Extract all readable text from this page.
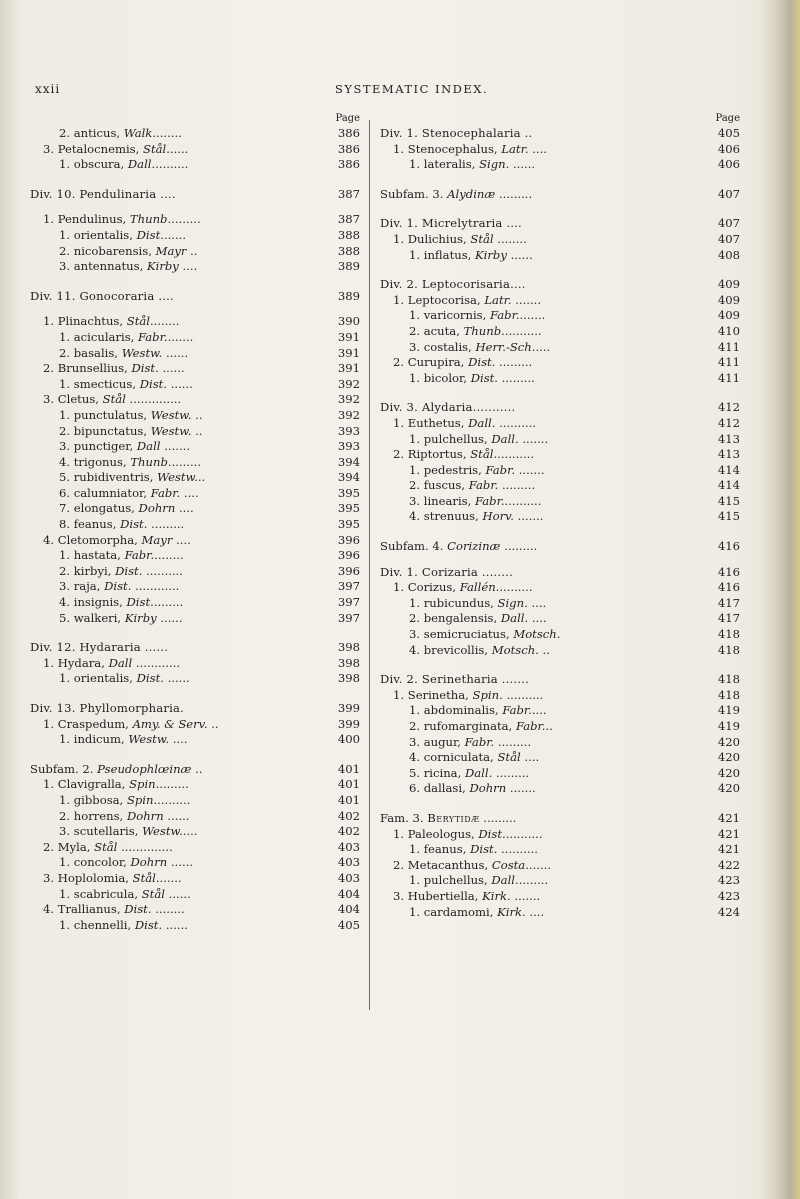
xxii	SYSTEMATIC INDEX.
Page
2. anticus, Walk........	386
3. Petalocnemis, Stål......	386
1. obscura, Dall..........	386
Div. 10. Pendulinaria ....	387
1. Pendulinus, Thunb.........	387
1. orientalis, Dist.......	388
2. nicobarensis, Mayr ..	388
3. antennatus, Kirby ....	389
Div. 11. Gonocoraria ....	389
1. Plinachtus, Stål........	390
1. acicularis, Fabr........	391
2. basalis, Westw. ......	391
2. Brunsellius, Dist. ......	391
1. smecticus, Dist. ......	392
3. Cletus, Stål ..............	392
1. punctulatus, Westw. ..	392
2. bipunctatus, Westw. ..	393
3. punctiger, Dall .......	393
4. trigonus, Thunb.........	394
5. rubidiventris, Westw...	394
6. calumniator, Fabr. ....	395
7. elongatus, Dohrn ....	395
8. feanus, Dist. .........	395
4. Cletomorpha, Mayr ....	396
1. hastata, Fabr.........	396
2. kirbyi, Dist. ..........	396
3. raja, Dist. ............	397
4. insignis, Dist.........	397
5. walkeri, Kirby ......	397
Div. 12. Hydararia ......	398
1. Hydara, Dall ............	398
1. orientalis, Dist. ......	398
Div. 13. Phyllomorpharia.	399
1. Craspedum, Amy. & Serv. ..	399
1. indicum, Westw. ....	400
Subfam. 2. Pseudophlœinæ ..	401
1. Clavigralla, Spin.........	401
1. gibbosa, Spin..........	401
2. horrens, Dohrn ......	402
3. scutellaris, Westw.....	402
2. Myla, Stål ..............	403
1. concolor, Dohrn ......	403
3. Hoplolomia, Stål.......	403
1. scabricula, Stål ......	404
4. Trallianus, Dist. ........	404
1. chennelli, Dist. ......	405
Page
Div. 1. Stenocephalaria ..	405
1. Stenocephalus, Latr. ....	406
1. lateralis, Sign. ......	406
Subfam. 3. Alydinæ .........	407
Div. 1. Micrelytraria ....	407
1. Dulichius, Stål ........	407
1. inflatus, Kirby ......	408
Div. 2. Leptocorisaria....	409
1. Leptocorisa, Latr. .......	409
1. varicornis, Fabr........	409
2. acuta, Thunb...........	410
3. costalis, Herr.-Sch.....	411
2. Curupira, Dist. .........	411
1. bicolor, Dist. .........	411
Div. 3. Alydaria...........	412
1. Euthetus, Dall. ..........	412
1. pulchellus, Dall. .......	413
2. Riptortus, Stål...........	413
1. pedestris, Fabr. .......	414
2. fuscus, Fabr. .........	414
3. linearis, Fabr...........	415
4. strenuus, Horv. .......	415
Subfam. 4. Corizinæ .........	416
Div. 1. Corizaria ........	416
1. Corizus, Fallén..........	416
1. rubicundus, Sign. ....	417
2. bengalensis, Dall. ....	417
3. semicruciatus, Motsch.	418
4. brevicollis, Motsch. ..	418
Div. 2. Serinetharia .......	418
1. Serinetha, Spin. ..........	418
1. abdominalis, Fabr.....	419
2. rufomarginata, Fabr...	419
3. augur, Fabr. .........	420
4. corniculata, Stål ....	420
5. ricina, Dall. .........	420
6. dallasi, Dohrn .......	420
Fam. 3. Berytidæ .........	421
1. Paleologus, Dist...........	421
1. feanus, Dist. ..........	421
2. Metacanthus, Costa.......	422
1. pulchellus, Dall.........	423
3. Hubertiella, Kirk. .......	423
1. cardamomi, Kirk. ....	424
